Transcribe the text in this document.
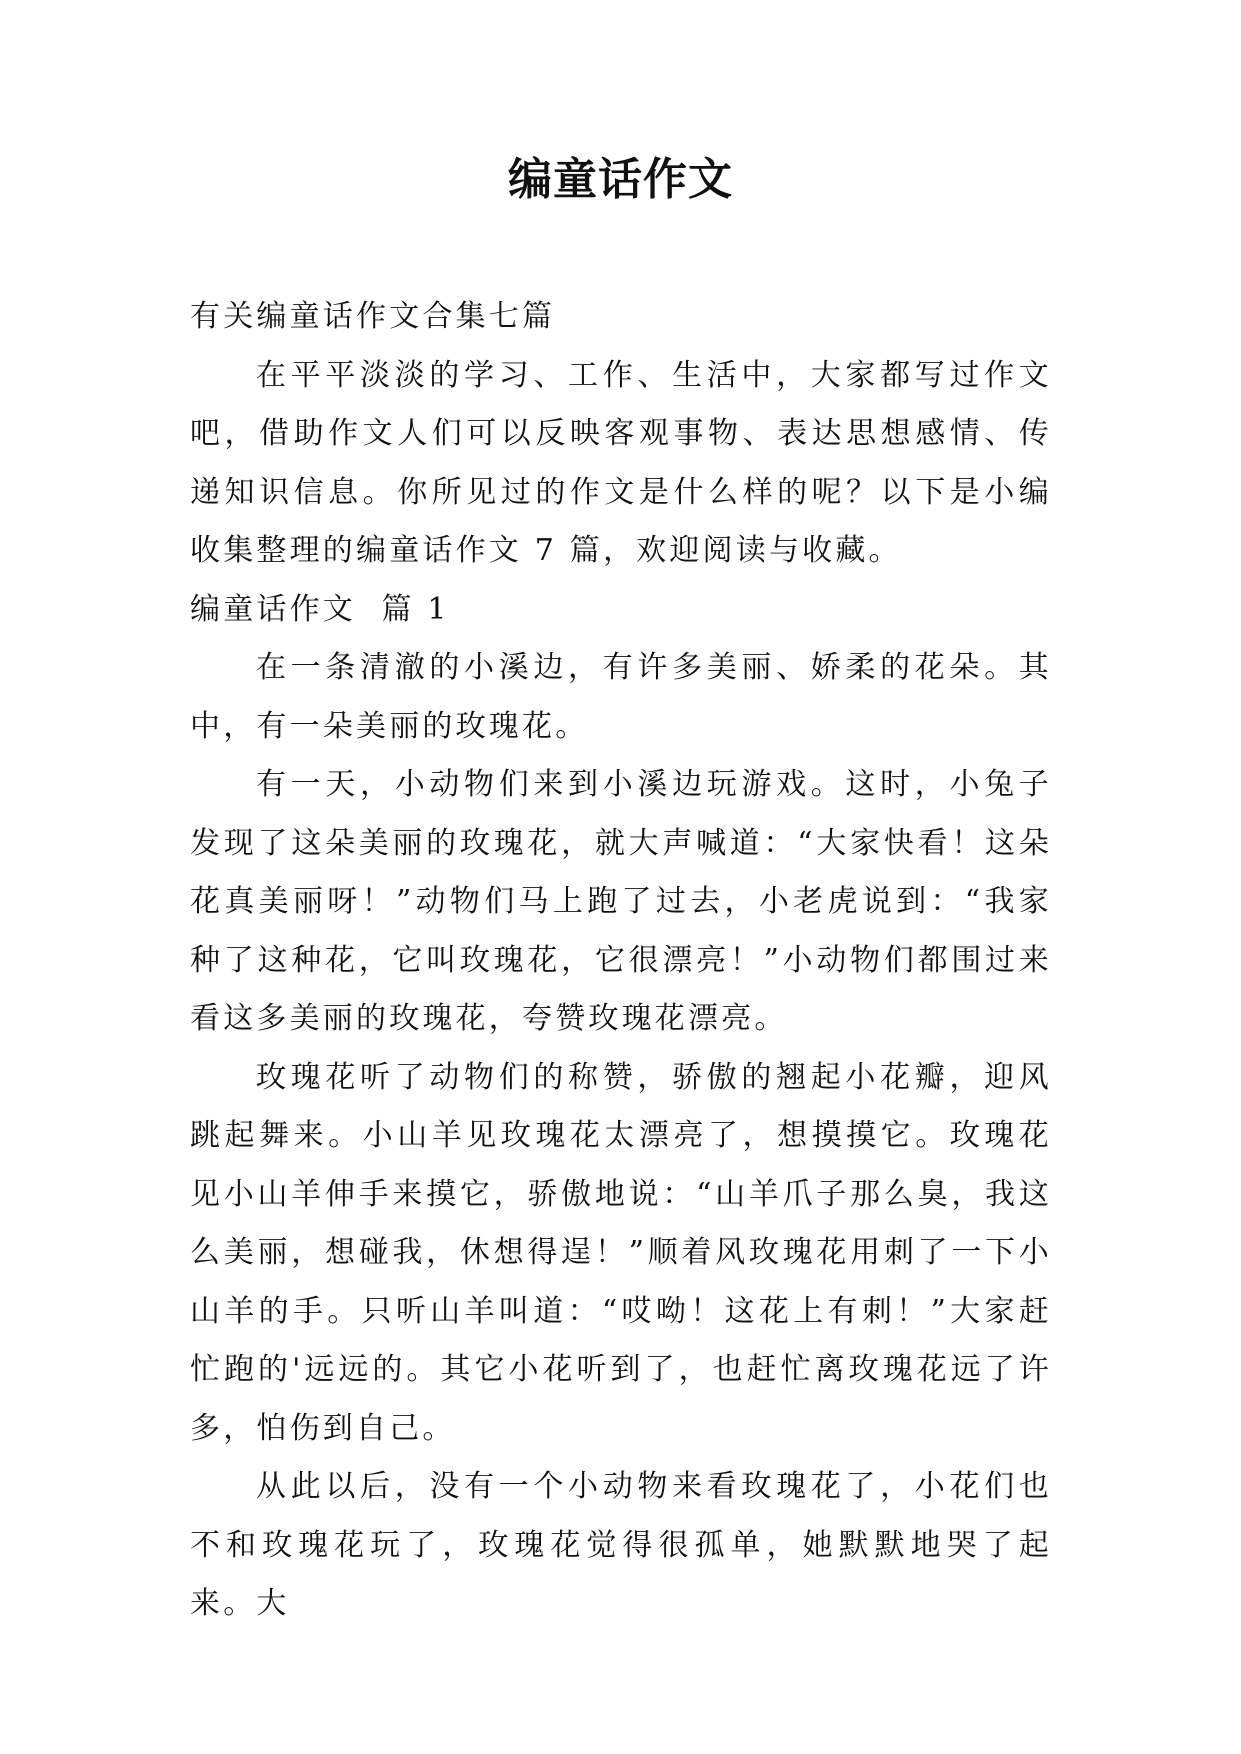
编童话作文

有关编童话作文合集七篇

在平平淡淡的学习、工作、生活中，大家都写过作文吧，借助作文人们可以反映客观事物、表达思想感情、传递知识信息。你所见过的作文是什么样的呢？以下是小编收集整理的编童话作文 7 篇，欢迎阅读与收藏。

编童话作文  篇 1

在一条清澈的小溪边，有许多美丽、娇柔的花朵。其中，有一朵美丽的玫瑰花。

有一天，小动物们来到小溪边玩游戏。这时，小兔子发现了这朵美丽的玫瑰花，就大声喊道：“大家快看！这朵花真美丽呀！”动物们马上跑了过去，小老虎说到：“我家种了这种花，它叫玫瑰花，它很漂亮！”小动物们都围过来看这多美丽的玫瑰花，夸赞玫瑰花漂亮。

玫瑰花听了动物们的称赞，骄傲的翘起小花瓣，迎风跳起舞来。小山羊见玫瑰花太漂亮了，想摸摸它。玫瑰花见小山羊伸手来摸它，骄傲地说：“山羊爪子那么臭，我这么美丽，想碰我，休想得逞！”顺着风玫瑰花用刺了一下小山羊的手。只听山羊叫道：“哎呦！这花上有刺！”大家赶忙跑的'远远的。其它小花听到了，也赶忙离玫瑰花远了许多，怕伤到自己。

从此以后，没有一个小动物来看玫瑰花了，小花们也不和玫瑰花玩了，玫瑰花觉得很孤单，她默默地哭了起来。大
